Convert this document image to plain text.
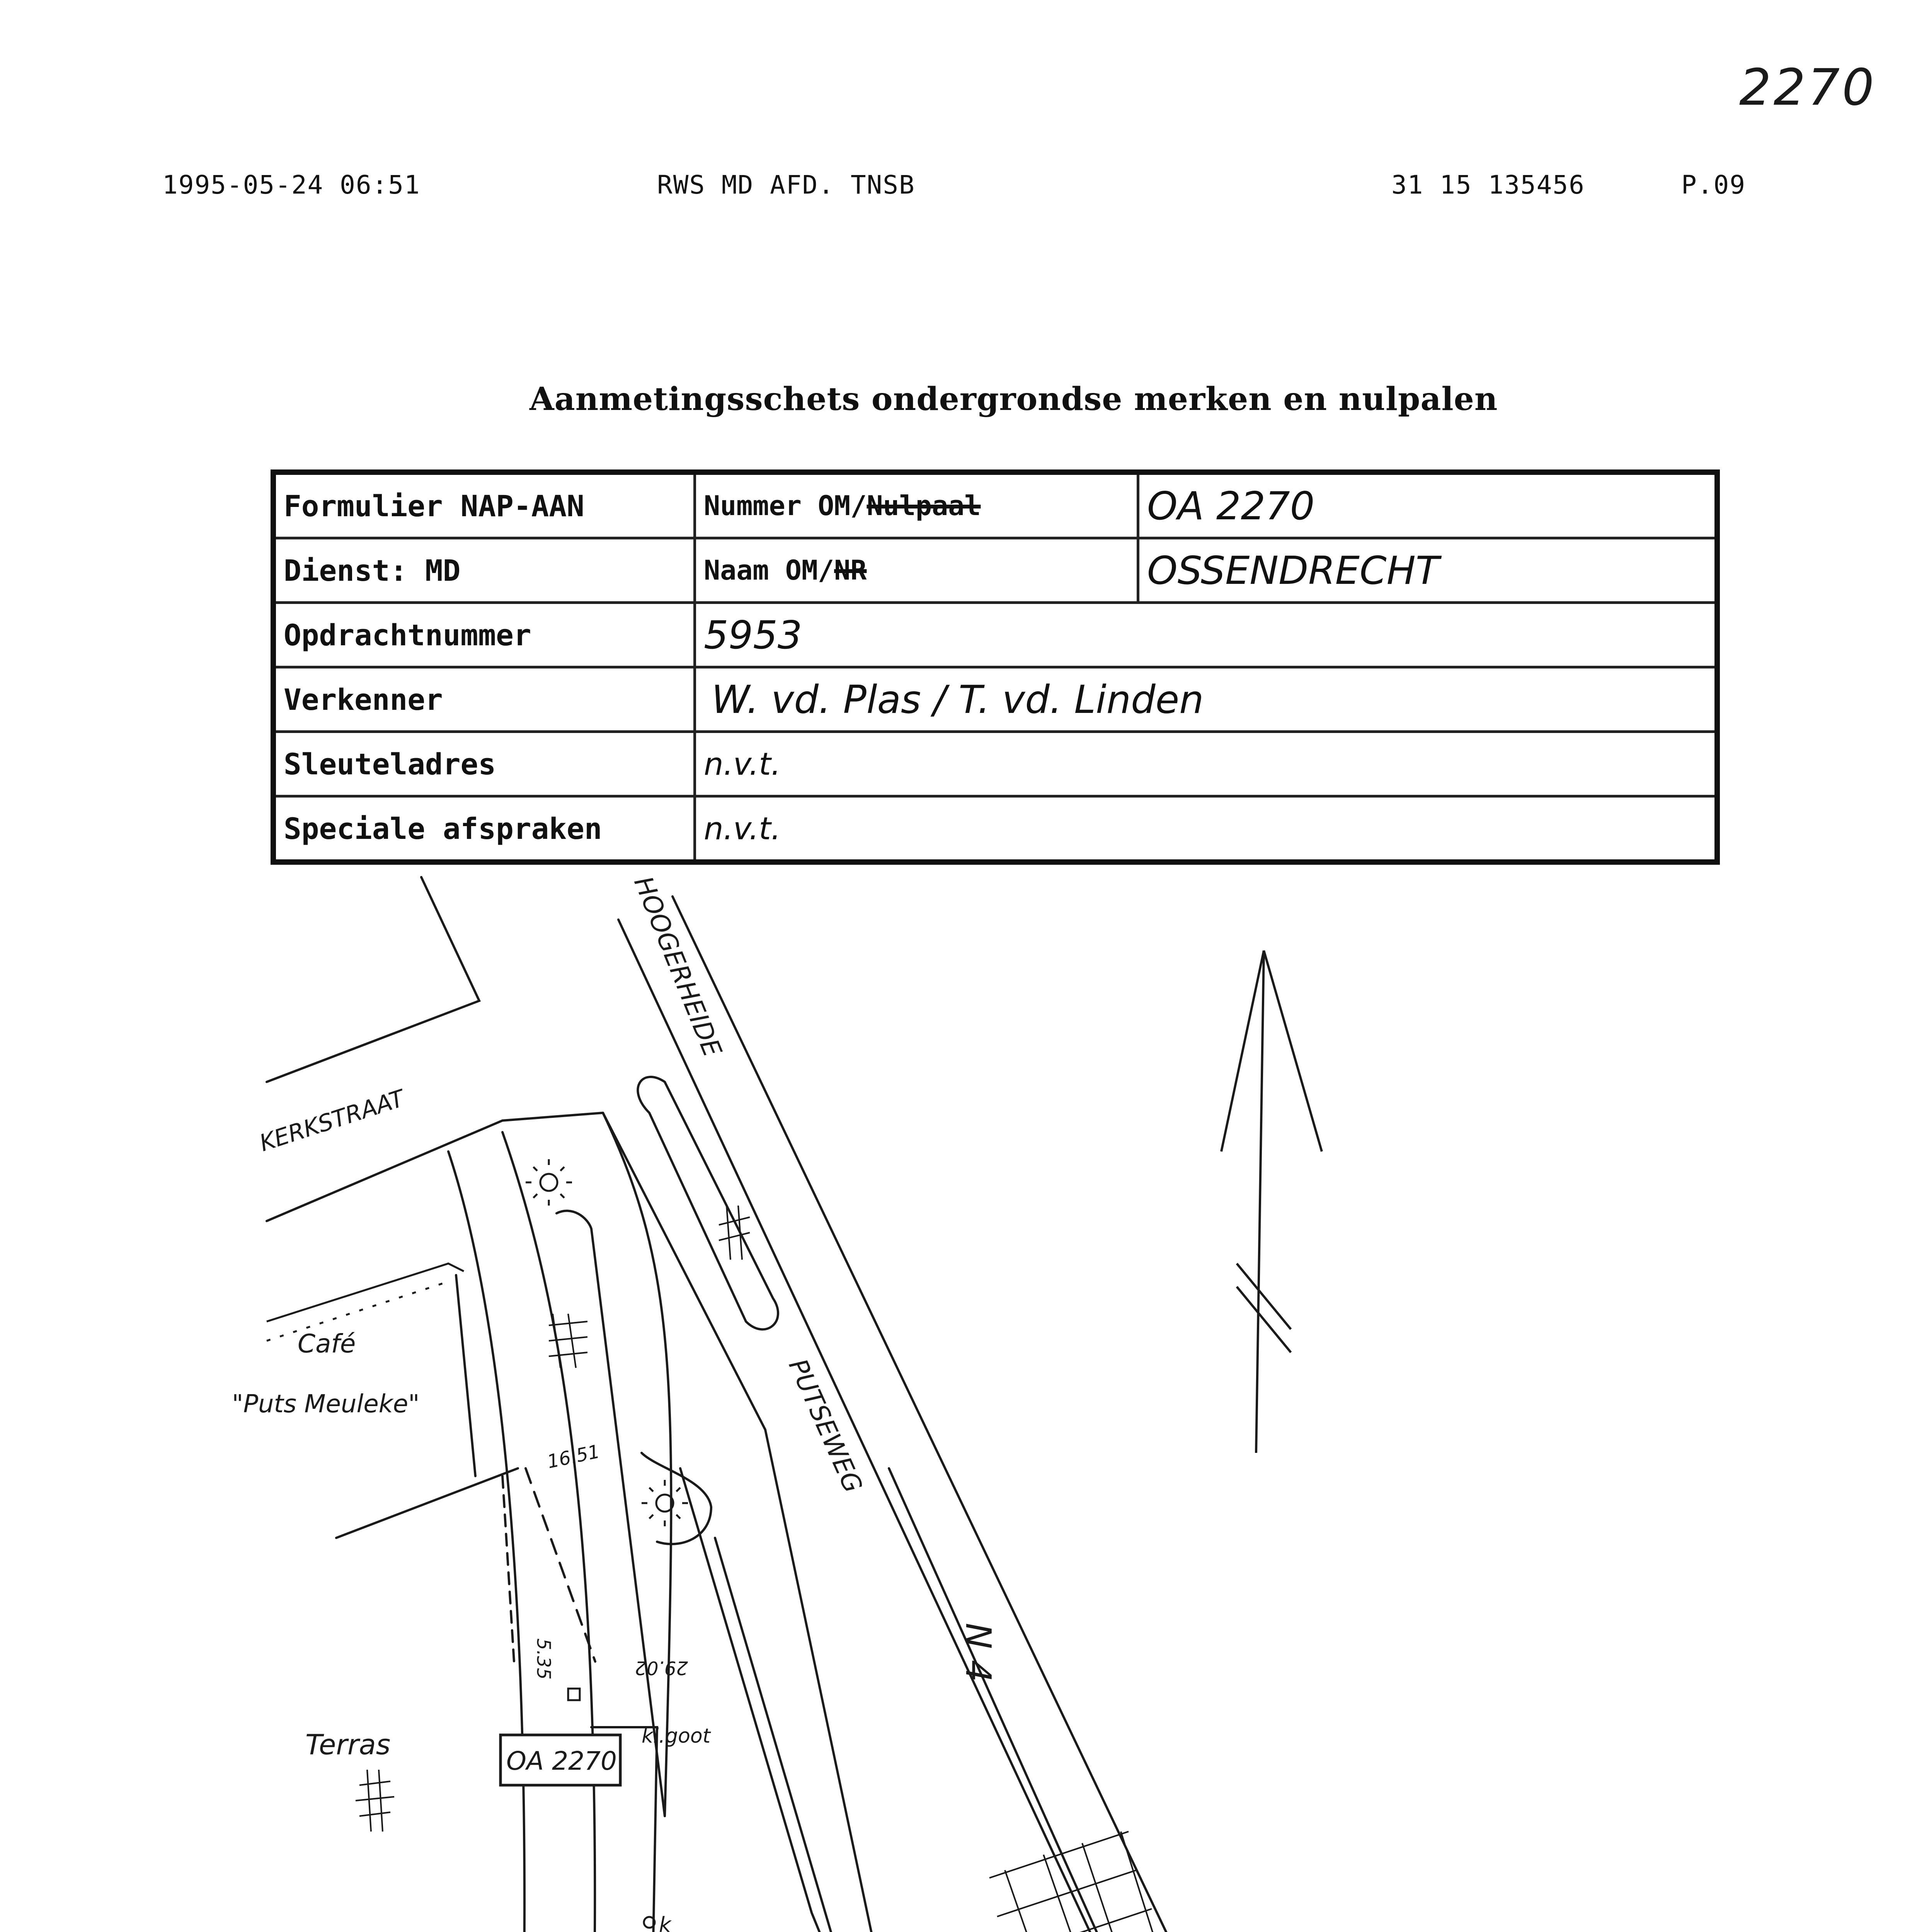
2270
1995-05-24 06:51	RWS MD AFD. TNSB	31 15 135456	P.09
Aanmetingsschets ondergrondse merken en nulpalen
Formulier NAP-AAN	Nummer OM/Nulpaal	OA 2270
Dienst: MD	Naam OM/NR	OSSENDRECHT
Opdrachtnummer	5953	
Verkenner	W. vd. Plas / T. vd. Linden	
Sleuteladres	n.v.t.	
Speciale afspraken	n.v.t.	
KERKSTRAAT
HOOGERHEIDE
PUTSEWEG
N 4
Café
"Puts Meuleke"
Terras	kl.goot
k
16.51
5.35	29.02
OA 2270
